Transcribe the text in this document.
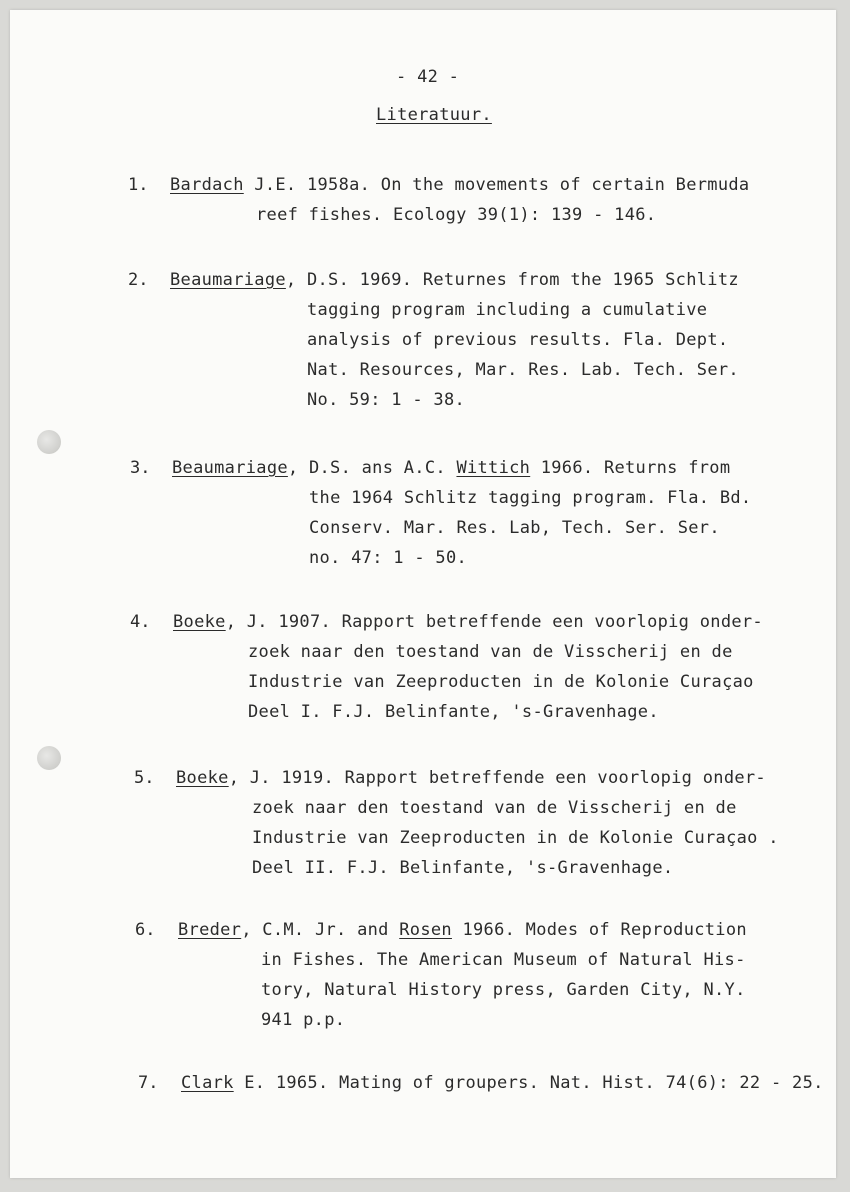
- 42 -

Literatuur.

1. Bardach J.E. 1958a. On the movements of certain Bermuda

reef fishes. Ecology 39(1): 139 - 146.

2. Beaumariage, D.S. 1969. Returnes from the 1965 Schlitz

tagging program including a cumulative

analysis of previous results. Fla. Dept.

Nat. Resources, Mar. Res. Lab. Tech. Ser.

No. 59: 1 - 38.

3. Beaumariage, D.S. ans A.C. Wittich 1966. Returns from

the 1964 Schlitz tagging program. Fla. Bd.

Conserv. Mar. Res. Lab, Tech. Ser. Ser.

no. 47: 1 - 50.

4. Boeke, J. 1907. Rapport betreffende een voorlopig onder-

zoek naar den toestand van de Visscherij en de

Industrie van Zeeproducten in de Kolonie Curaçao

Deel I. F.J. Belinfante, 's-Gravenhage.

5. Boeke, J. 1919. Rapport betreffende een voorlopig onder-

zoek naar den toestand van de Visscherij en de

Industrie van Zeeproducten in de Kolonie Curaçao .

Deel II. F.J. Belinfante, 's-Gravenhage.

6. Breder, C.M. Jr. and Rosen 1966. Modes of Reproduction

in Fishes. The American Museum of Natural His-

tory, Natural History press, Garden City, N.Y.

941 p.p.

7. Clark E. 1965. Mating of groupers. Nat. Hist. 74(6): 22 - 25.
